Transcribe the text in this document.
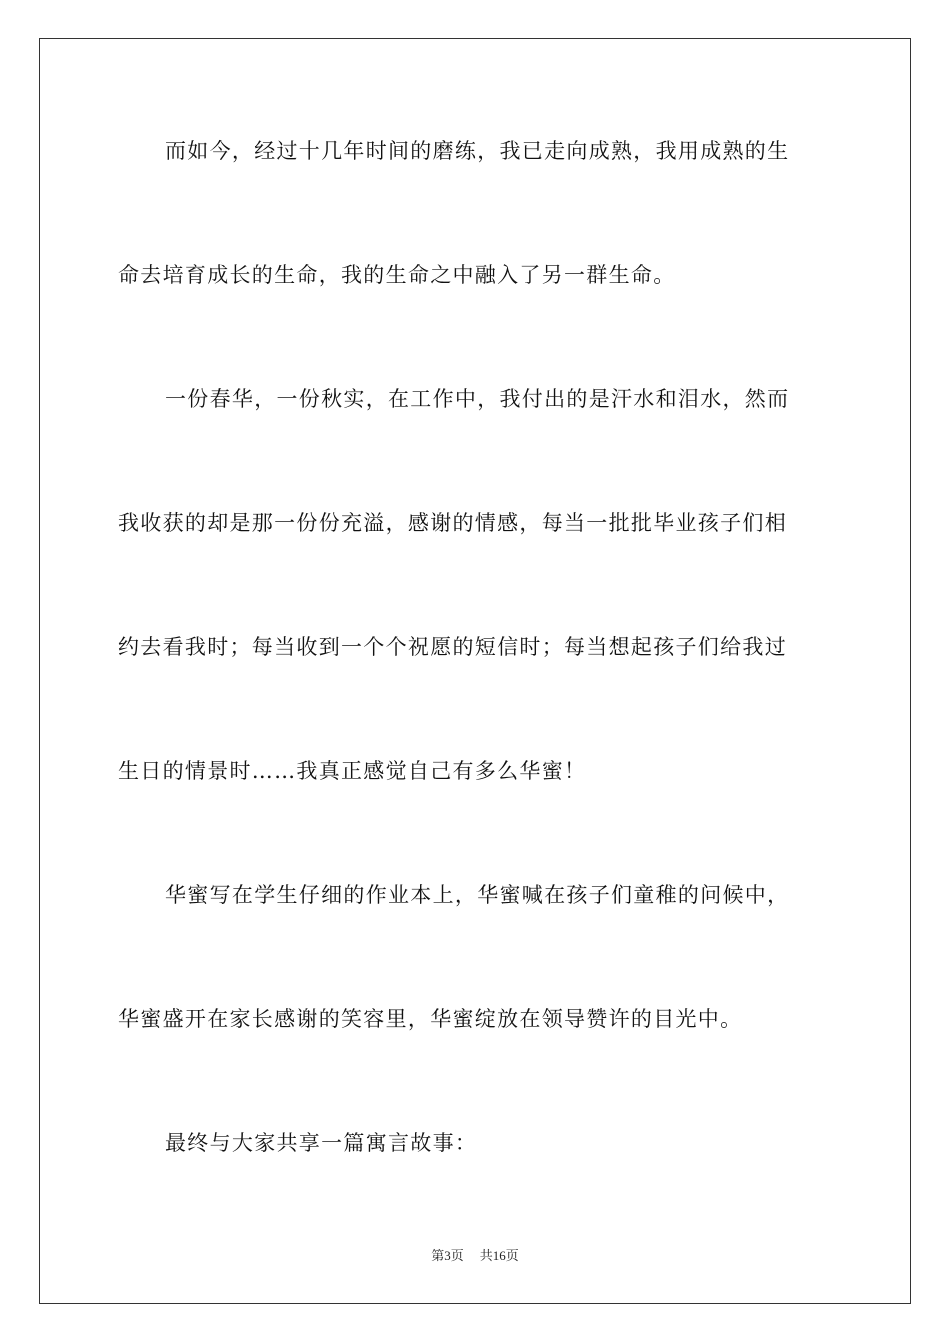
而如今，经过十几年时间的磨练，我已走向成熟，我用成熟的生
命去培育成长的生命，我的生命之中融入了另一群生命。
一份春华，一份秋实，在工作中，我付出的是汗水和泪水，然而
我收获的却是那一份份充溢，感谢的情感，每当一批批毕业孩子们相
约去看我时；每当收到一个个祝愿的短信时；每当想起孩子们给我过
生日的情景时……我真正感觉自己有多么华蜜！
华蜜写在学生仔细的作业本上，华蜜喊在孩子们童稚的问候中，
华蜜盛开在家长感谢的笑容里，华蜜绽放在领导赞许的目光中。
最终与大家共享一篇寓言故事：
第3页 共16页
